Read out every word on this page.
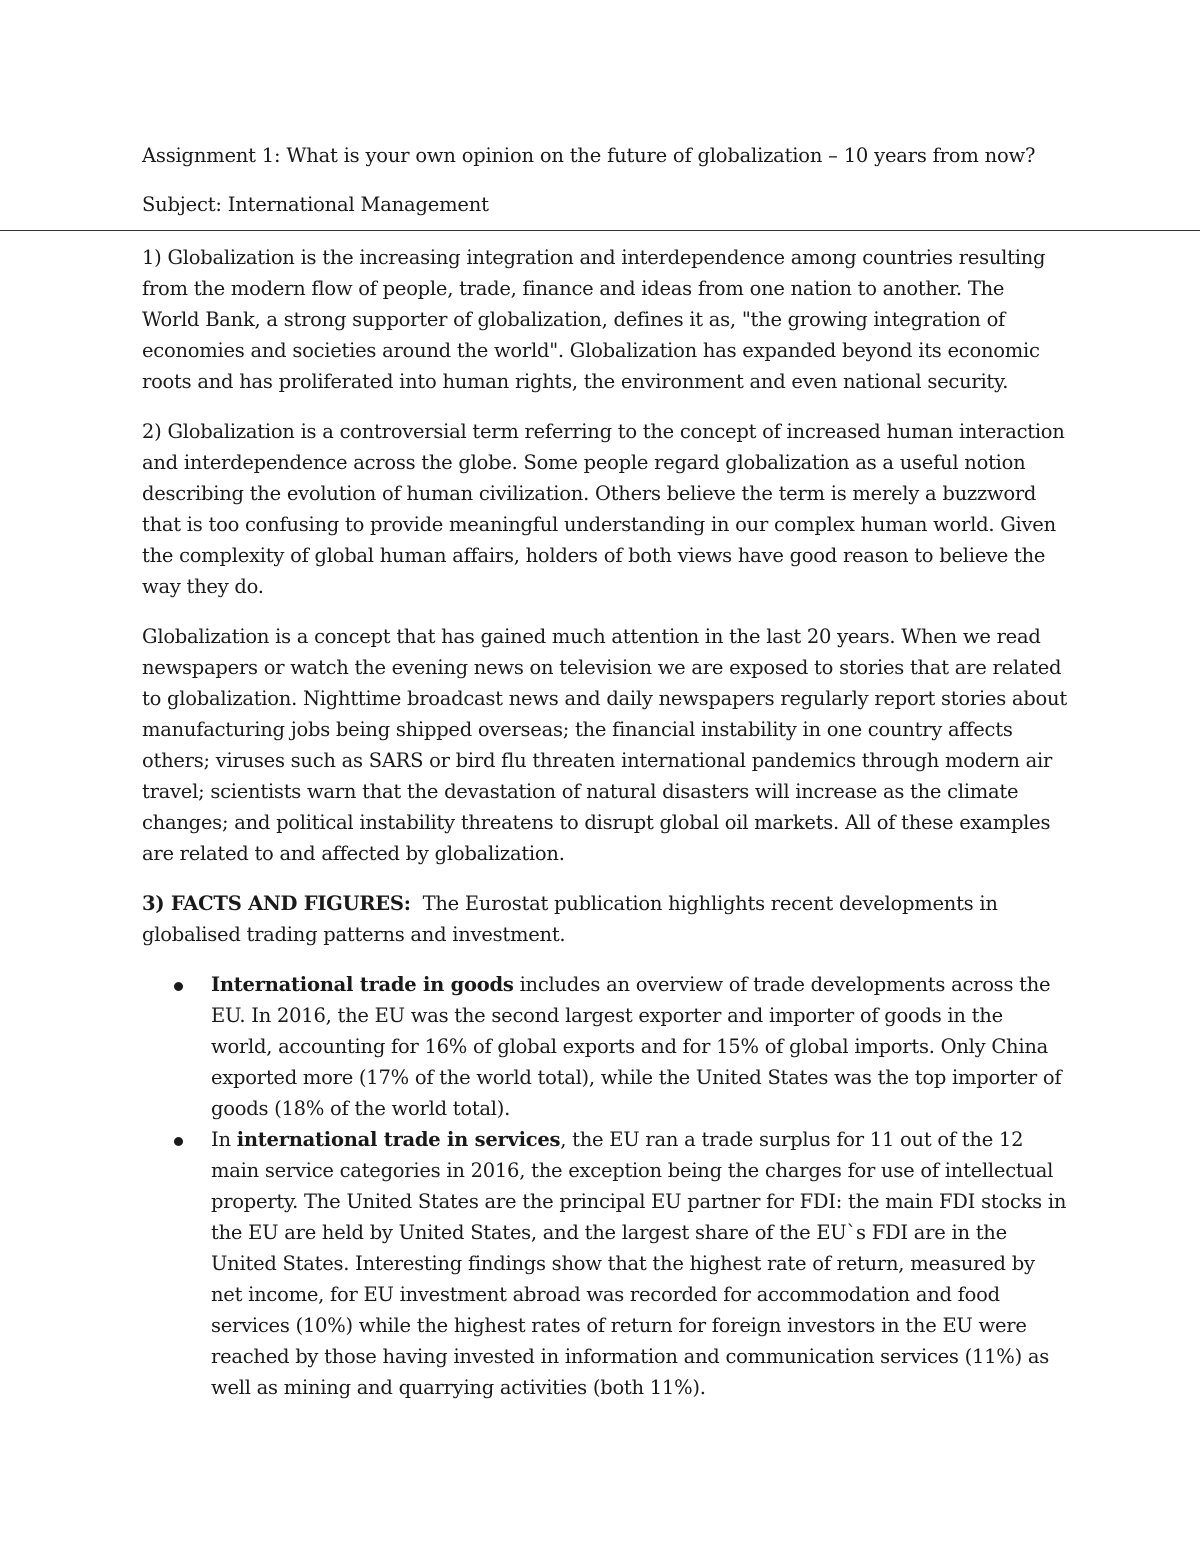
Assignment 1: What is your own opinion on the future of globalization – 10 years from now?

Subject: International Management

1) Globalization is the increasing integration and interdependence among countries resulting from the modern flow of people, trade, finance and ideas from one nation to another. The World Bank, a strong supporter of globalization, defines it as, "the growing integration of economies and societies around the world". Globalization has expanded beyond its economic roots and has proliferated into human rights, the environment and even national security.

2) Globalization is a controversial term referring to the concept of increased human interaction and interdependence across the globe. Some people regard globalization as a useful notion describing the evolution of human civilization. Others believe the term is merely a buzzword that is too confusing to provide meaningful understanding in our complex human world. Given the complexity of global human affairs, holders of both views have good reason to believe the way they do.

Globalization is a concept that has gained much attention in the last 20 years. When we read newspapers or watch the evening news on television we are exposed to stories that are related to globalization. Nighttime broadcast news and daily newspapers regularly report stories about manufacturing jobs being shipped overseas; the financial instability in one country affects others; viruses such as SARS or bird flu threaten international pandemics through modern air travel; scientists warn that the devastation of natural disasters will increase as the climate changes; and political instability threatens to disrupt global oil markets. All of these examples are related to and affected by globalization.

3) FACTS AND FIGURES: The Eurostat publication highlights recent developments in globalised trading patterns and investment.

International trade in goods includes an overview of trade developments across the EU. In 2016, the EU was the second largest exporter and importer of goods in the world, accounting for 16% of global exports and for 15% of global imports. Only China exported more (17% of the world total), while the United States was the top importer of goods (18% of the world total).
In international trade in services, the EU ran a trade surplus for 11 out of the 12 main service categories in 2016, the exception being the charges for use of intellectual property. The United States are the principal EU partner for FDI: the main FDI stocks in the EU are held by United States, and the largest share of the EU`s FDI are in the United States. Interesting findings show that the highest rate of return, measured by net income, for EU investment abroad was recorded for accommodation and food services (10%) while the highest rates of return for foreign investors in the EU were reached by those having invested in information and communication services (11%) as well as mining and quarrying activities (both 11%).
